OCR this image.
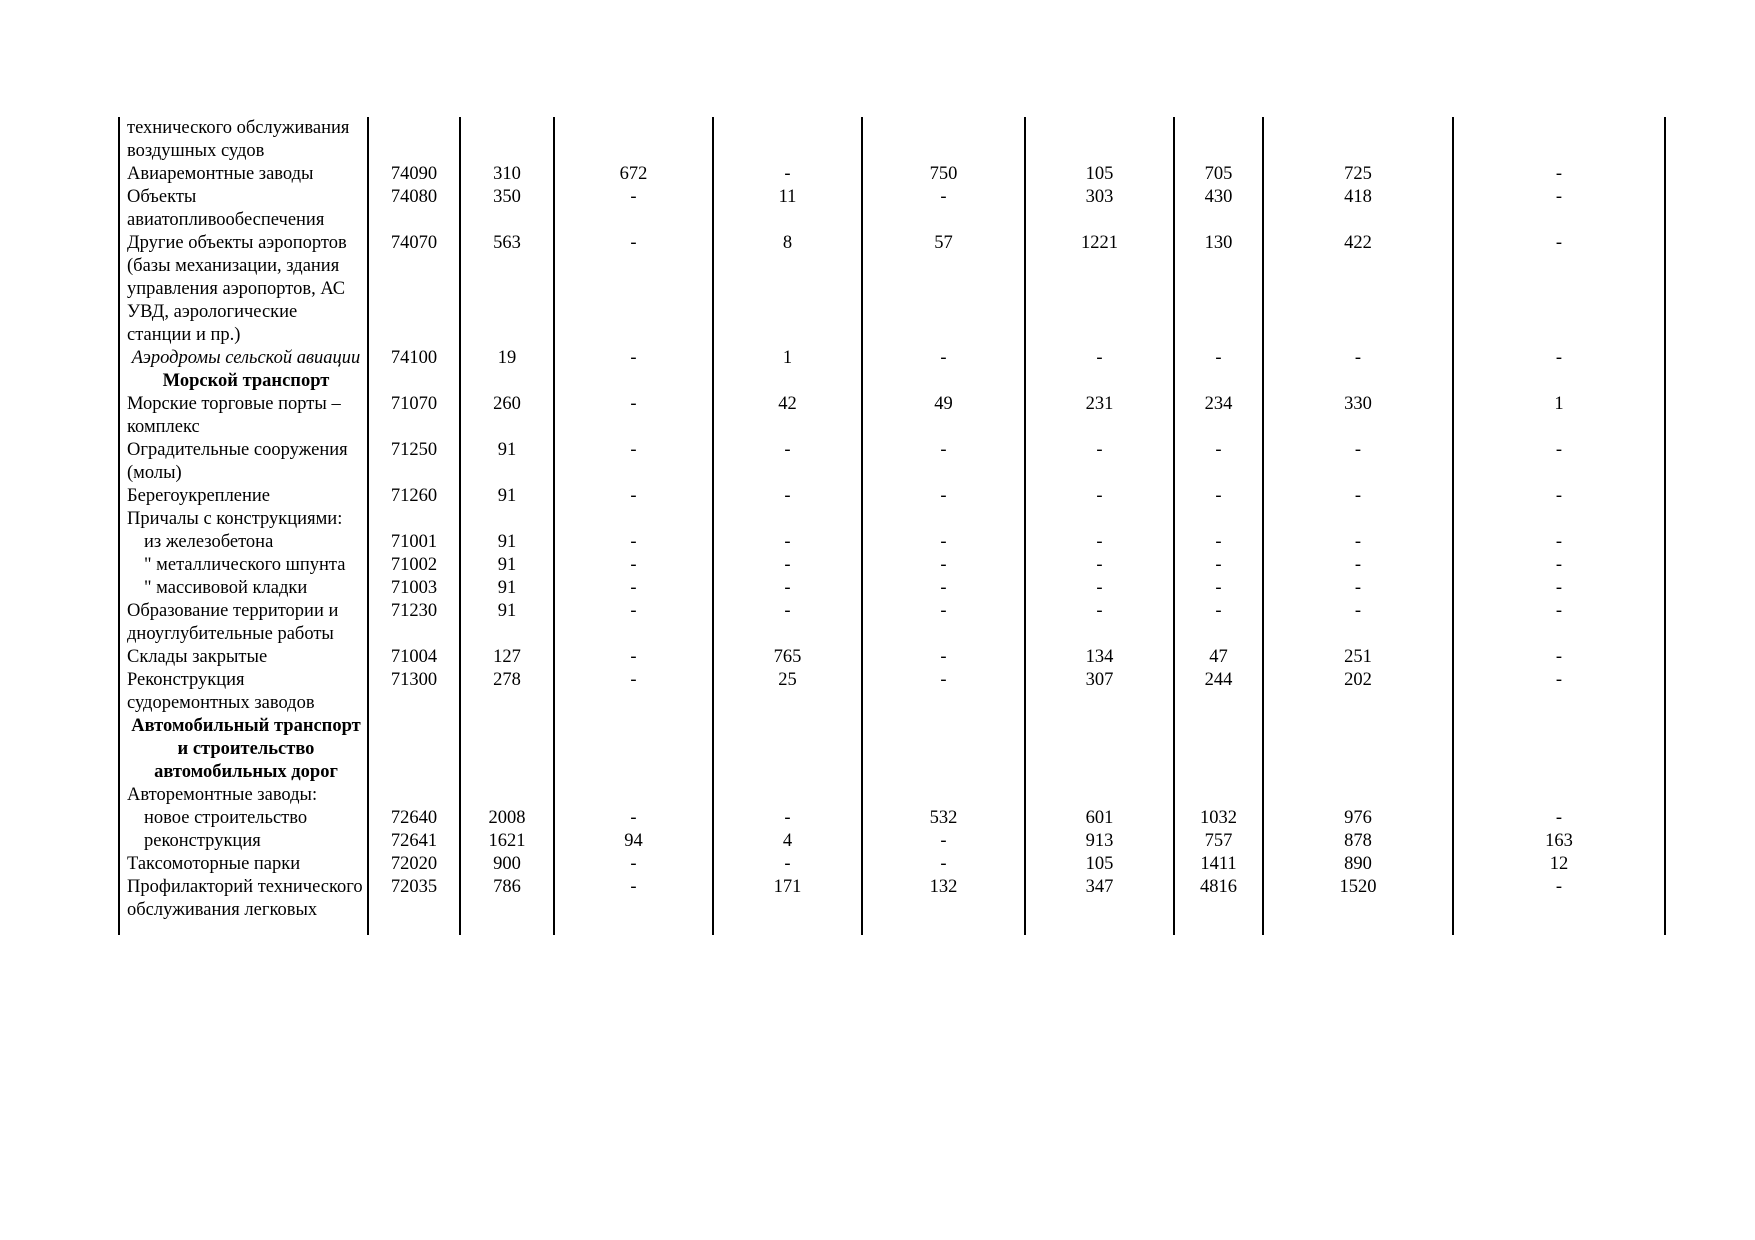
технического обслуживания воздушных судов									
Авиаремонтные заводы	74090	310	672	-	750	105	705	725	-
Объекты авиатопливообеспечения	74080	350	-	11	-	303	430	418	-
Другие объекты аэропортов (базы механизации, здания управления аэропортов, АС УВД, аэрологические станции и пр.)	74070	563	-	8	57	1221	130	422	-
Аэродромы сельской авиации	74100	19	-	1	-	-	-	-	-
Морской транспорт									
Морские торговые порты – комплекс	71070	260	-	42	49	231	234	330	1
Оградительные сооружения (молы)	71250	91	-	-	-	-	-	-	-
Берегоукрепление	71260	91	-	-	-	-	-	-	-
Причалы с конструкциями:									
из железобетона	71001	91	-	-	-	-	-	-	-
" металлического шпунта	71002	91	-	-	-	-	-	-	-
" массивовой кладки	71003	91	-	-	-	-	-	-	-
Образование территории и дноуглубительные работы	71230	91	-	-	-	-	-	-	-
Склады закрытые	71004	127	-	765	-	134	47	251	-
Реконструкция судоремонтных заводов	71300	278	-	25	-	307	244	202	-
Автомобильный транспорт и строительство автомобильных дорог									
Авторемонтные заводы:									
новое строительство	72640	2008	-	-	532	601	1032	976	-
реконструкция	72641	1621	94	4	-	913	757	878	163
Таксомоторные парки	72020	900	-	-	-	105	1411	890	12
Профилакторий технического обслуживания легковых	72035	786	-	171	132	347	4816	1520	-
